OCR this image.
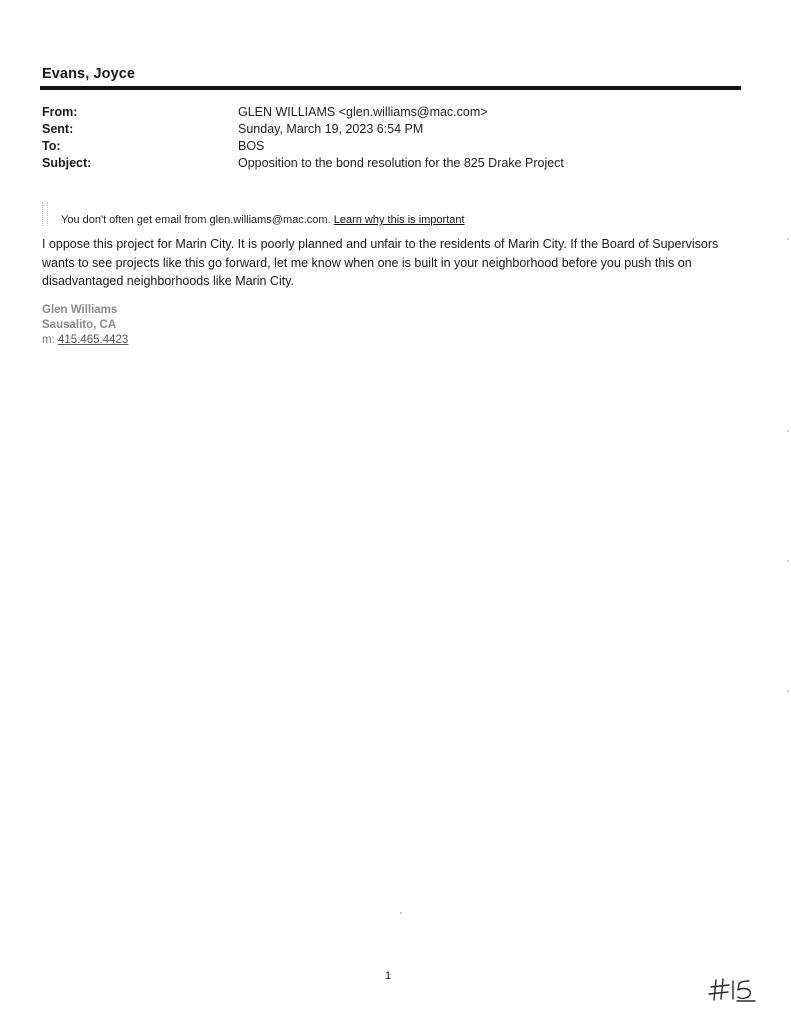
Evans, Joyce
From:	GLEN WILLIAMS <glen.williams@mac.com>
Sent:	Sunday, March 19, 2023 6:54 PM
To:	BOS
Subject:	Opposition to the bond resolution for the 825 Drake Project
You don't often get email from glen.williams@mac.com. Learn why this is important
I oppose this project for Marin City. It is poorly planned and unfair to the residents of Marin City. If the Board of Supervisors wants to see projects like this go forward, let me know when one is built in your neighborhood before you push this on disadvantaged neighborhoods like Marin City.
Glen Williams
Sausalito, CA
m: 415.465.4423
1
